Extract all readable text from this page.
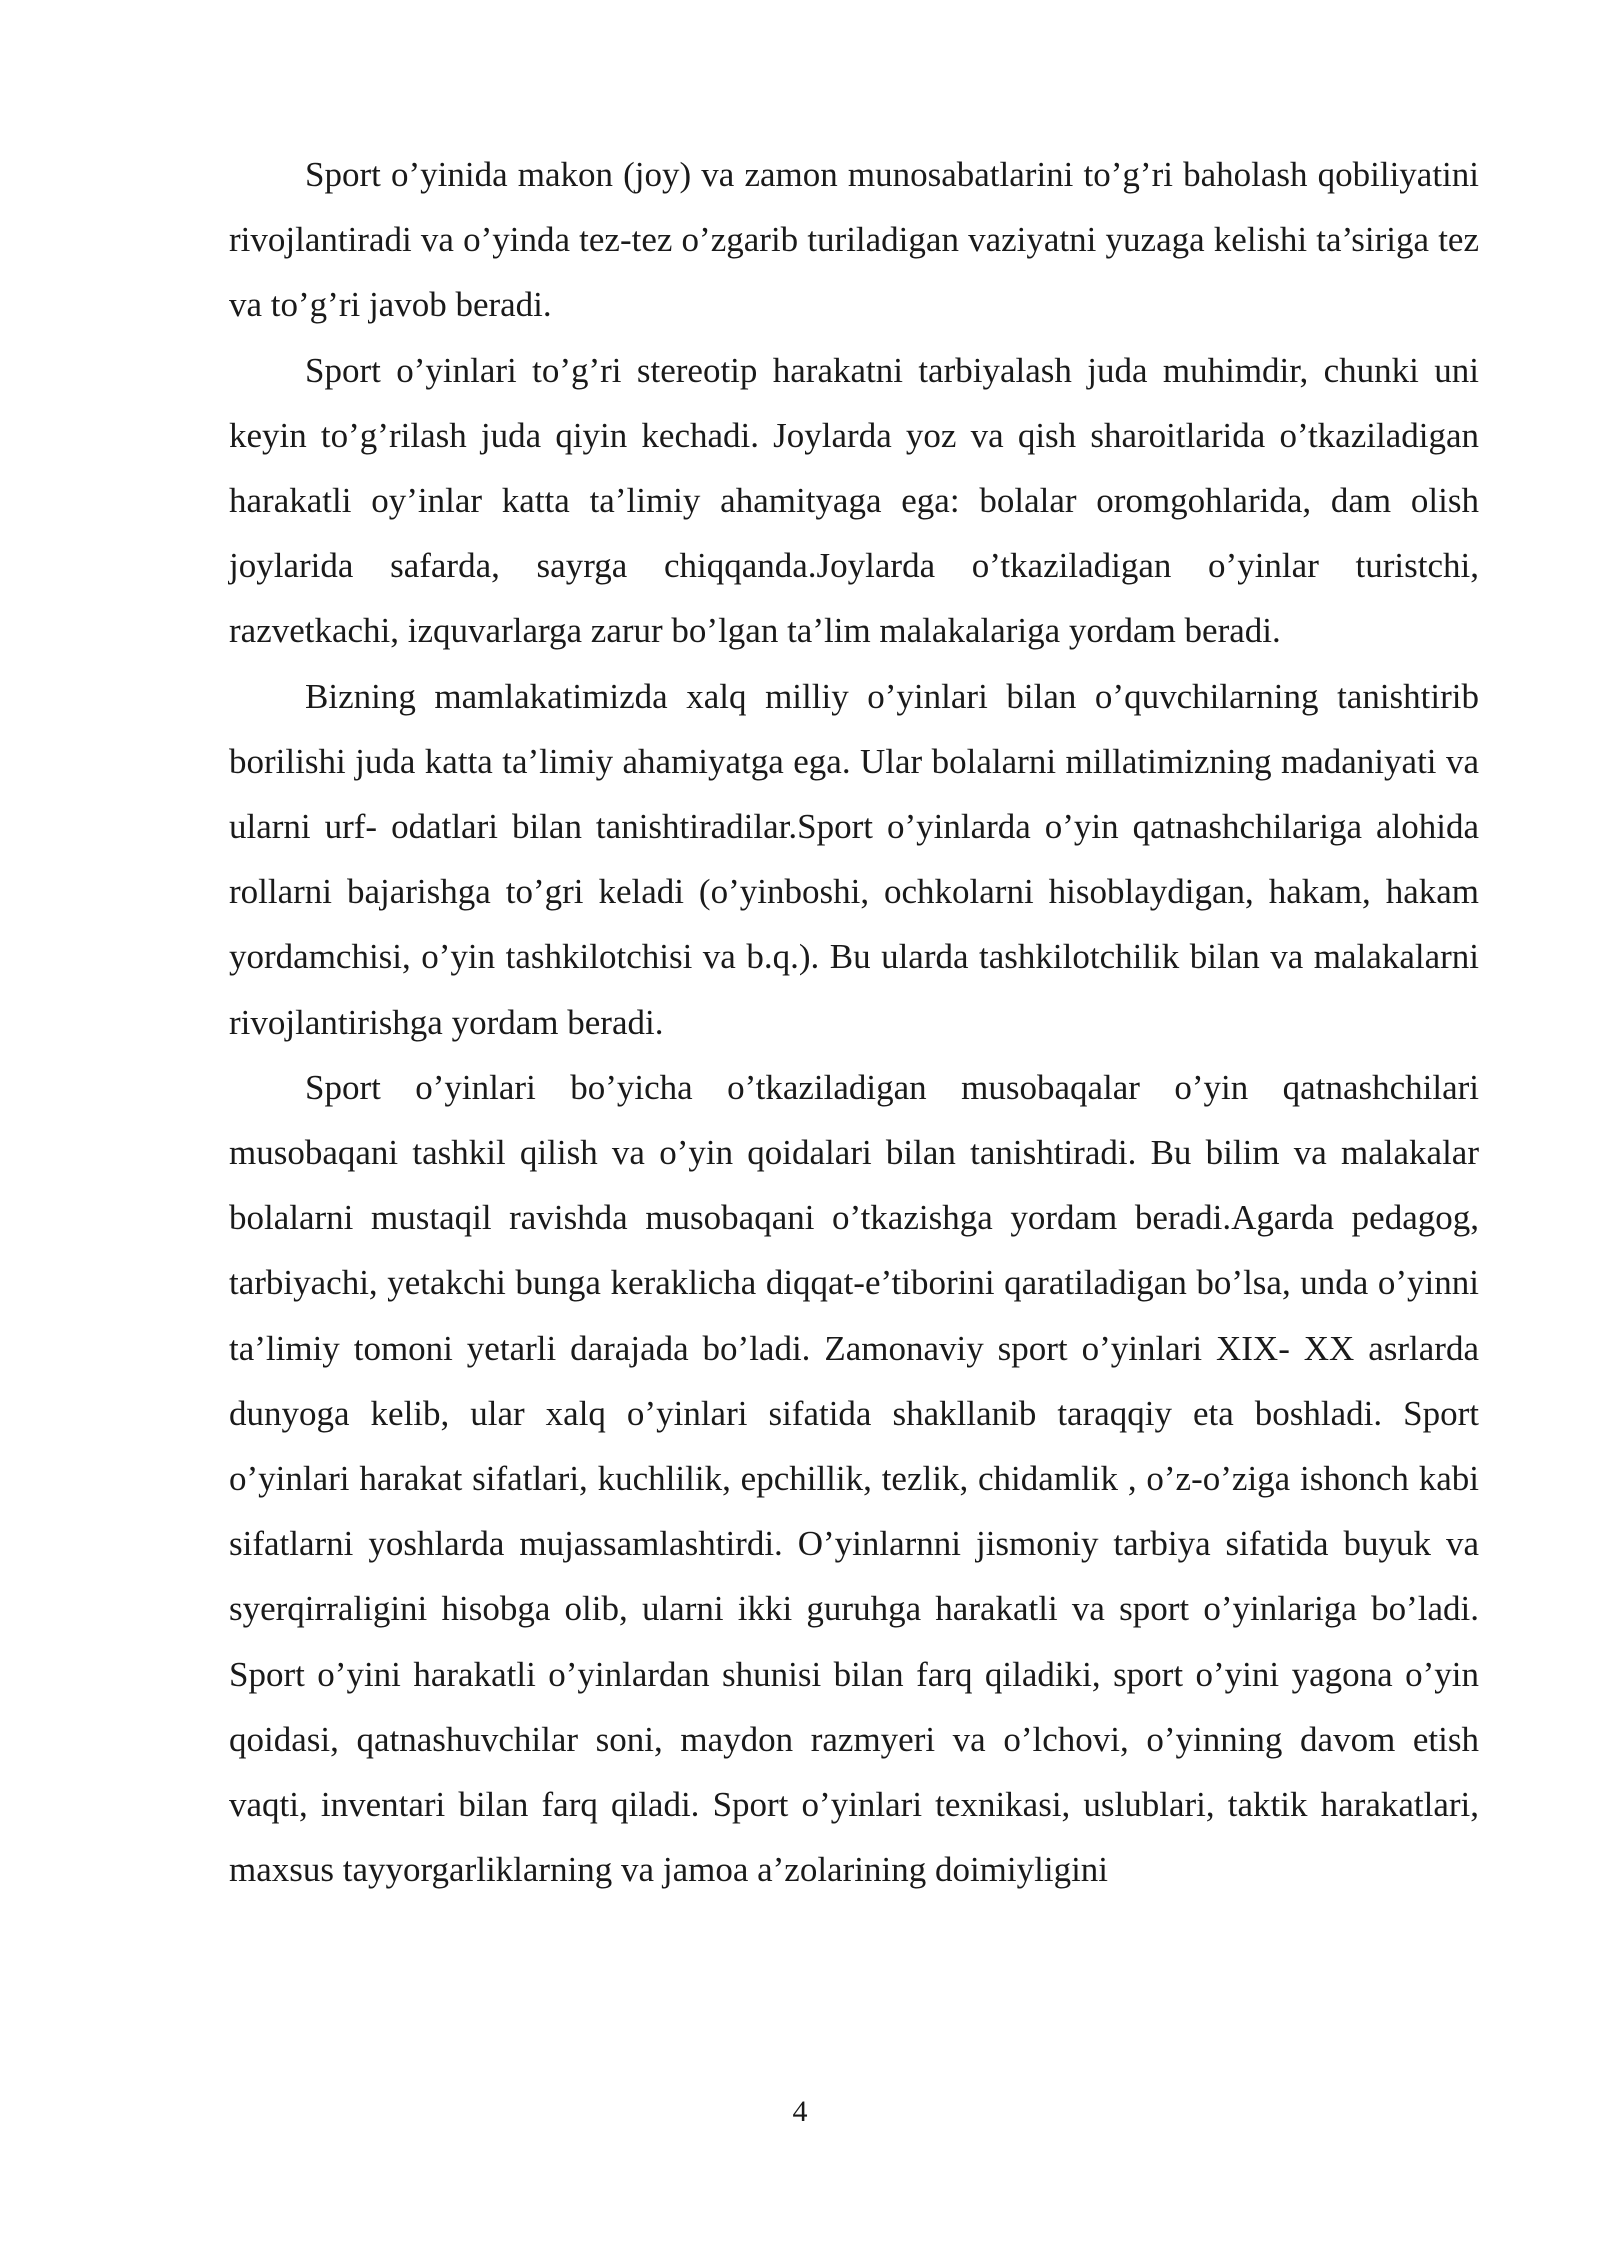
Sport o’yinida makon (joy) va zamon munosabatlarini to’g’ri baholash qobiliyatini rivojlantiradi va o’yinda tez-tez o’zgarib turiladigan vaziyatni yuzaga kelishi ta’siriga tez va to’g’ri javob beradi.

Sport o’yinlari to’g’ri stereotip harakatni tarbiyalash juda muhimdir, chunki uni keyin to’g’rilash juda qiyin kechadi. Joylarda yoz va qish sharoitlarida o’tkaziladigan harakatli oy’inlar katta ta’limiy ahamityaga ega: bolalar oromgohlarida, dam olish joylarida safarda, sayrga chiqqanda.Joylarda o’tkaziladigan o’yinlar turistchi, razvetkachi, izquvarlarga zarur bo’lgan ta’lim malakalariga yordam beradi.

Bizning mamlakatimizda xalq milliy o’yinlari bilan o’quvchilarning tanishtirib borilishi juda katta ta’limiy ahamiyatga ega. Ular bolalarni millatimizning madaniyati va ularni urf- odatlari bilan tanishtiradilar.Sport o’yinlarda o’yin qatnashchilariga alohida rollarni bajarishga to’gri keladi (o’yinboshi, ochkolarni hisoblaydigan, hakam, hakam yordamchisi, o’yin tashkilotchisi va b.q.). Bu ularda tashkilotchilik bilan va malakalarni rivojlantirishga yordam beradi.

Sport o’yinlari bo’yicha o’tkaziladigan musobaqalar o’yin qatnashchilari musobaqani tashkil qilish va o’yin qoidalari bilan tanishtiradi. Bu bilim va malakalar bolalarni mustaqil ravishda musobaqani o’tkazishga yordam beradi.Agarda pedagog, tarbiyachi, yetakchi bunga keraklicha diqqat-e’tiborini qaratiladigan bo’lsa, unda o’yinni ta’limiy tomoni yetarli darajada bo’ladi. Zamonaviy sport o’yinlari XIX- XX asrlarda dunyoga kelib, ular xalq o’yinlari sifatida shakllanib taraqqiy eta boshladi. Sport o’yinlari harakat sifatlari, kuchlilik, epchillik, tezlik, chidamlik , o’z-o’ziga ishonch kabi sifatlarni yoshlarda mujassamlashtirdi. O’yinlarnni jismoniy tarbiya sifatida buyuk va syerqirraligini hisobga olib, ularni ikki guruhga harakatli va sport o’yinlariga bo’ladi. Sport o’yini harakatli o’yinlardan shunisi bilan farq qiladiki, sport o’yini yagona o’yin qoidasi, qatnashuvchilar soni, maydon razmyeri va o’lchovi, o’yinning davom etish vaqti, inventari bilan farq qiladi. Sport o’yinlari texnikasi, uslublari, taktik harakatlari, maxsus tayyorgarliklarning va jamoa a’zolarining doimiyligini

4
